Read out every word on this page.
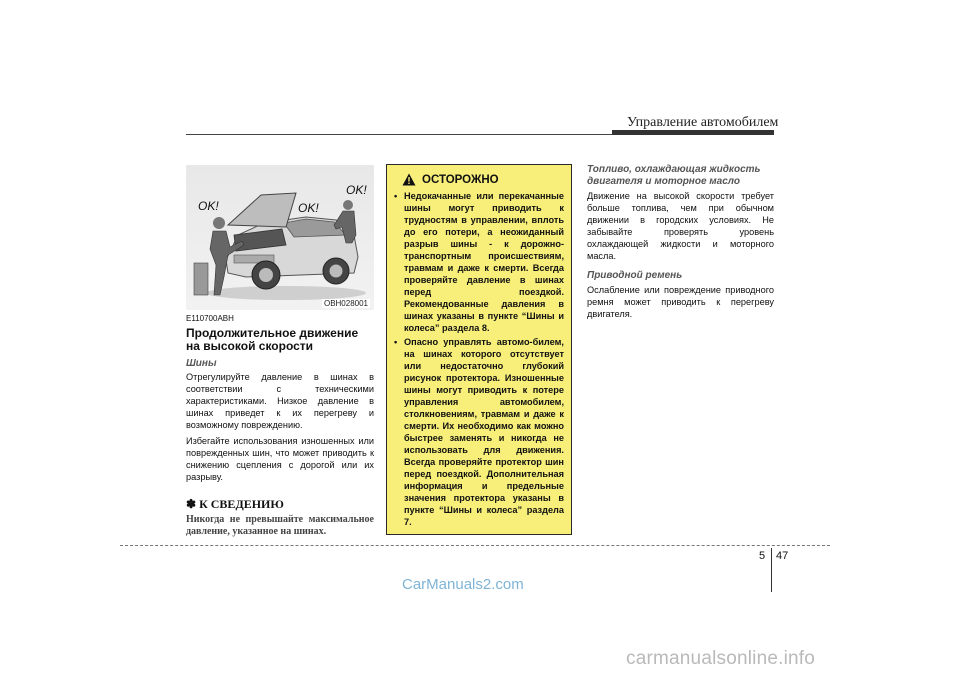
Управление автомобилем
OK!	OK!
OK!
OBH028001
E110700ABH
Продолжительное движение на высокой скорости
Шины
Отрегулируйте давление в шинах в соответствии с техническими характеристиками. Низкое давление в шинах приведет к их перегреву и возможному повреждению.
Избегайте использования изношенных или поврежденных шин, что может приводить к снижению сцепления с дорогой или их разрыву.
✽ К СВЕДЕНИЮ
Никогда не превышайте максимальное давление, указанное на шинах.
ОСТОРОЖНО
• Недокачанные или перекачанные шины могут приводить к трудностям в управлении, вплоть до его потери, а неожиданный разрыв шины - к дорожно-транспортным происшествиям, травмам и даже к смерти. Всегда проверяйте давление в шинах перед поездкой. Рекомендованные давления в шинах указаны в пункте “Шины и колеса” раздела 8.
• Опасно управлять автомо-билем, на шинах которого отсутствует или недостаточно глубокий рисунок протектора. Изношенные шины могут приводить к потере управления автомобилем, столкновениям, травмам и даже к смерти. Их необходимо как можно быстрее заменять и никогда не использовать для движения. Всегда проверяйте протектор шин перед поездкой. Дополнительная информация и предельные значения протектора указаны в пункте “Шины и колеса” раздела 7.
Топливо, охлаждающая жидкость двигателя и моторное масло
Движение на высокой скорости требует больше топлива, чем при обычном движении в городских условиях. Не забывайте проверять уровень охлаждающей жидкости и моторного масла.
Приводной ремень
Ослабление или повреждение приводного ремня может приводить к перегреву двигателя.
5 47
CarManuals2.com
carmanualsonline.info
